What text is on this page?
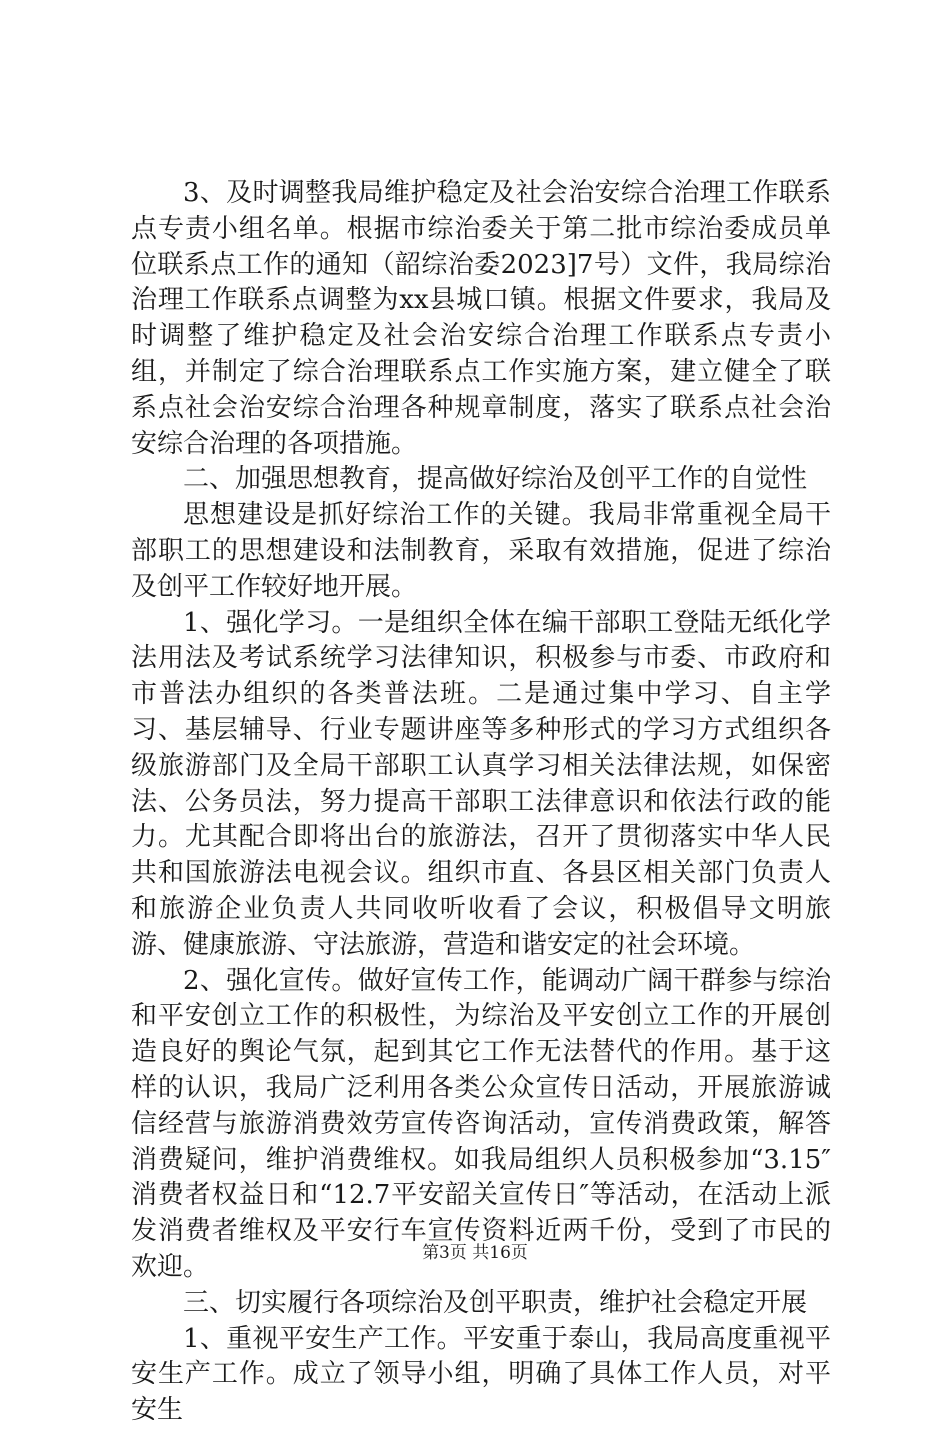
3、及时调整我局维护稳定及社会治安综合治理工作联系点专责小组名单。根据市综治委关于第二批市综治委成员单位联系点工作的通知（韶综治委2023]7号）文件，我局综治治理工作联系点调整为xx县城口镇。根据文件要求，我局及时调整了维护稳定及社会治安综合治理工作联系点专责小组，并制定了综合治理联系点工作实施方案，建立健全了联系点社会治安综合治理各种规章制度，落实了联系点社会治安综合治理的各项措施。

二、加强思想教育，提高做好综治及创平工作的自觉性

思想建设是抓好综治工作的关键。我局非常重视全局干部职工的思想建设和法制教育，采取有效措施，促进了综治及创平工作较好地开展。

1、强化学习。一是组织全体在编干部职工登陆无纸化学法用法及考试系统学习法律知识，积极参与市委、市政府和市普法办组织的各类普法班。二是通过集中学习、自主学习、基层辅导、行业专题讲座等多种形式的学习方式组织各级旅游部门及全局干部职工认真学习相关法律法规，如保密法、公务员法，努力提高干部职工法律意识和依法行政的能力。尤其配合即将出台的旅游法，召开了贯彻落实中华人民共和国旅游法电视会议。组织市直、各县区相关部门负责人和旅游企业负责人共同收听收看了会议，积极倡导文明旅游、健康旅游、守法旅游，营造和谐安定的社会环境。

2、强化宣传。做好宣传工作，能调动广阔干群参与综治和平安创立工作的积极性，为综治及平安创立工作的开展创造良好的舆论气氛，起到其它工作无法替代的作用。基于这样的认识，我局广泛利用各类公众宣传日活动，开展旅游诚信经营与旅游消费效劳宣传咨询活动，宣传消费政策，解答消费疑问，维护消费维权。如我局组织人员积极参加“3.15″消费者权益日和“12.7平安韶关宣传日″等活动，在活动上派发消费者维权及平安行车宣传资料近两千份，受到了市民的欢迎。

三、切实履行各项综治及创平职责，维护社会稳定开展

1、重视平安生产工作。平安重于泰山，我局高度重视平安生产工作。成立了领导小组，明确了具体工作人员，对平安生

第3页 共16页
